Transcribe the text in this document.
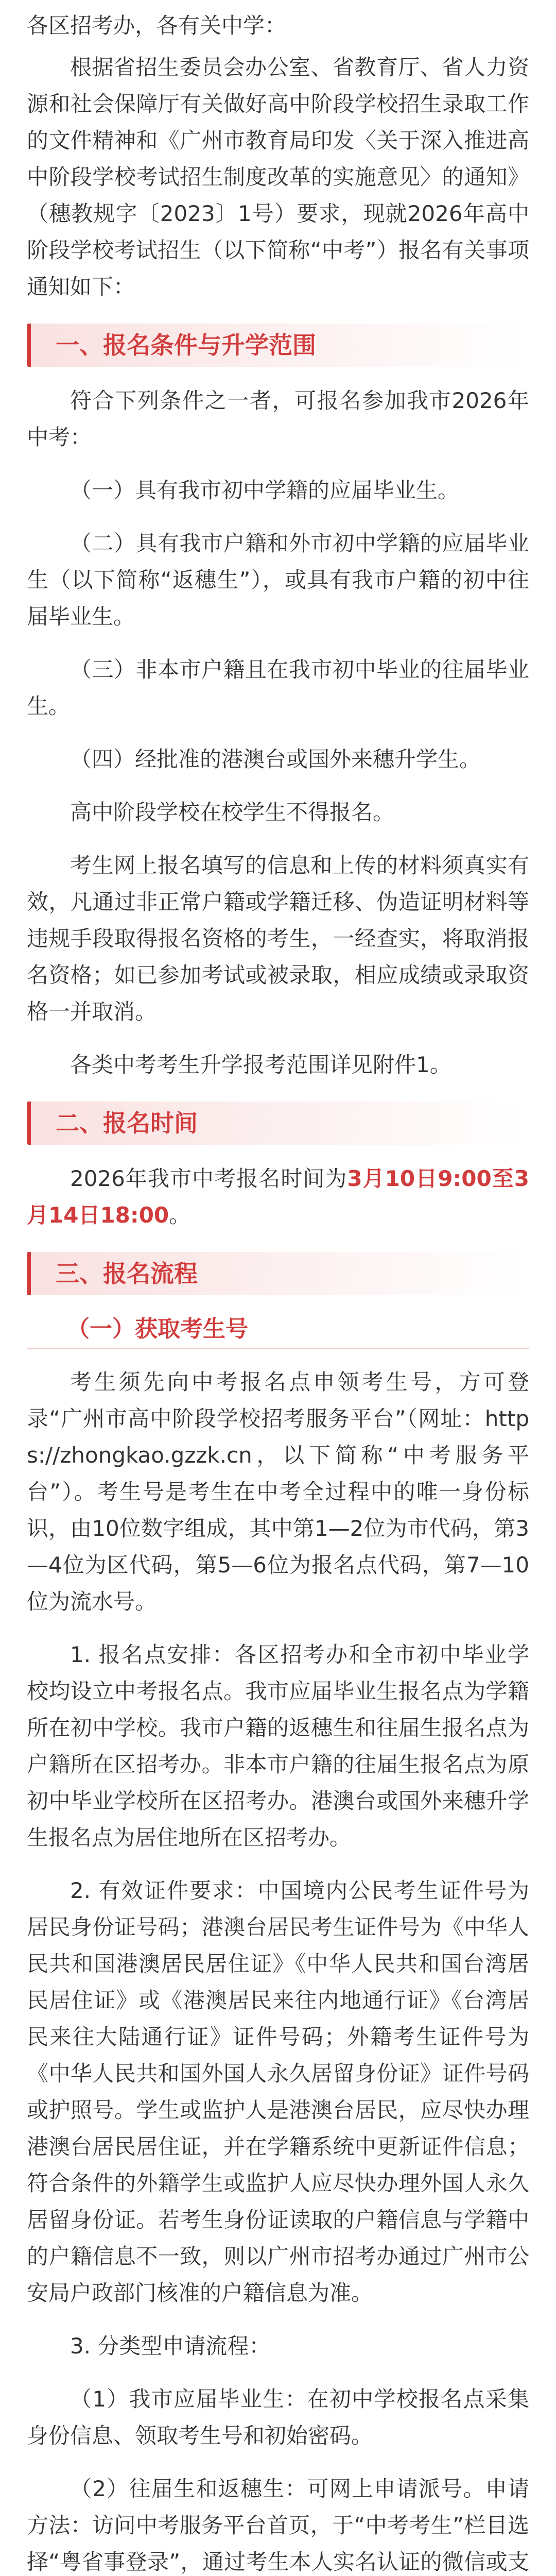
各区招考办，各有关中学：

根据省招生委员会办公室、省教育厅、省人力资源和社会保障厅有关做好高中阶段学校招生录取工作的文件精神和《广州市教育局印发〈关于深入推进高中阶段学校考试招生制度改革的实施意见〉的通知》（穗教规字〔2023〕1号）要求，现就2026年高中阶段学校考试招生（以下简称“中考”）报名有关事项通知如下：

一、报名条件与升学范围

符合下列条件之一者，可报名参加我市2026年中考：

（一）具有我市初中学籍的应届毕业生。

（二）具有我市户籍和外市初中学籍的应届毕业生（以下简称“返穗生”），或具有我市户籍的初中往届毕业生。

（三）非本市户籍且在我市初中毕业的往届毕业生。

（四）经批准的港澳台或国外来穗升学生。

高中阶段学校在校学生不得报名。

考生网上报名填写的信息和上传的材料须真实有效，凡通过非正常户籍或学籍迁移、伪造证明材料等违规手段取得报名资格的考生，一经查实，将取消报名资格；如已参加考试或被录取，相应成绩或录取资格一并取消。

各类中考考生升学报考范围详见附件1。

二、报名时间

2026年我市中考报名时间为3月10日9:00至3月14日18:00。

三、报名流程
（一）获取考生号

考生须先向中考报名点申领考生号，方可登录“广州市高中阶段学校招考服务平台”（网址：https://zhongkao.gzzk.cn，以下简称“中考服务平台”）。考生号是考生在中考全过程中的唯一身份标识，由10位数字组成，其中第1—2位为市代码，第3—4位为区代码，第5—6位为报名点代码，第7—10位为流水号。

1. 报名点安排：各区招考办和全市初中毕业学校均设立中考报名点。我市应届毕业生报名点为学籍所在初中学校。我市户籍的返穗生和往届生报名点为户籍所在区招考办。非本市户籍的往届生报名点为原初中毕业学校所在区招考办。港澳台或国外来穗升学生报名点为居住地所在区招考办。

2. 有效证件要求：中国境内公民考生证件号为居民身份证号码；港澳台居民考生证件号为《中华人民共和国港澳居民居住证》《中华人民共和国台湾居民居住证》或《港澳居民来往内地通行证》《台湾居民来往大陆通行证》证件号码；外籍考生证件号为《中华人民共和国外国人永久居留身份证》证件号码或护照号。学生或监护人是港澳台居民，应尽快办理港澳台居民居住证，并在学籍系统中更新证件信息；符合条件的外籍学生或监护人应尽快办理外国人永久居留身份证。若考生身份证读取的户籍信息与学籍中的户籍信息不一致，则以广州市招考办通过广州市公安局户政部门核准的户籍信息为准。

3. 分类型申请流程：

（1）我市应届毕业生：在初中学校报名点采集身份信息、领取考生号和初始密码。

（2）往届生和返穗生：可网上申请派号。申请方法：访问中考服务平台首页，于“中考考生”栏目选择“粤省事登录”，通过考生本人实名认证的微信或支
